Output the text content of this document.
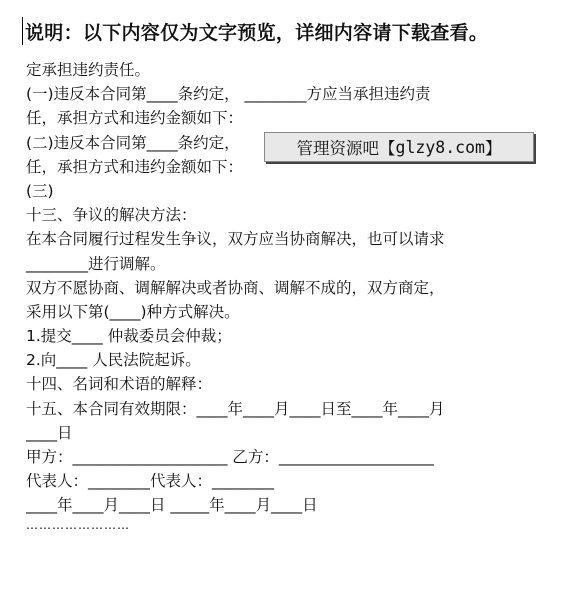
说明：以下内容仅为文字预览，详细内容请下载查看。
定承担违约责任。
(一)违反本合同第____条约定， ________方应当承担违约责
任，承担方式和违约金额如下：
(二)违反本合同第____条约定，
任，承担方式和违约金额如下：
(三)
十三、争议的解决方法：
在本合同履行过程发生争议，双方应当协商解决，也可以请求
________进行调解。
双方不愿协商、调解解决或者协商、调解不成的，双方商定，
采用以下第(____)种方式解决。
1.提交____ 仲裁委员会仲裁；
2.向____ 人民法院起诉。
十四、名词和术语的解释：
十五、本合同有效期限：____年____月____日至____年____月
____日
甲方：____________________ 乙方：____________________
代表人：________代表人：________
____年____月____日 _____年____月____日
……………………
管理资源吧【 glzy8.com 】
